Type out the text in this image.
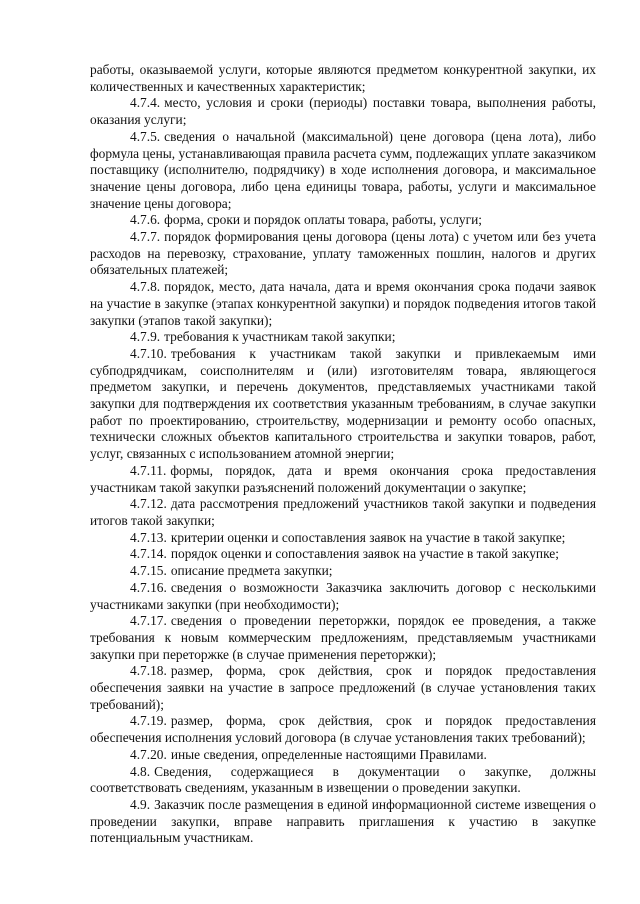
работы, оказываемой услуги, которые являются предметом конкурентной закупки, их количественных и качественных характеристик;

4.7.4. место, условия и сроки (периоды) поставки товара, выполнения работы, оказания услуги;

4.7.5. сведения о начальной (максимальной) цене договора (цена лота), либо формула цены, устанавливающая правила расчета сумм, подлежащих уплате заказчиком поставщику (исполнителю, подрядчику) в ходе исполнения договора, и максимальное значение цены договора, либо цена единицы товара, работы, услуги и максимальное значение цены договора;

4.7.6. форма, сроки и порядок оплаты товара, работы, услуги;

4.7.7. порядок формирования цены договора (цены лота) с учетом или без учета расходов на перевозку, страхование, уплату таможенных пошлин, налогов и других обязательных платежей;

4.7.8. порядок, место, дата начала, дата и время окончания срока подачи заявок на участие в закупке (этапах конкурентной закупки) и порядок подведения итогов такой закупки (этапов такой закупки);

4.7.9. требования к участникам такой закупки;

4.7.10. требования к участникам такой закупки и привлекаемым ими субподрядчикам, соисполнителям и (или) изготовителям товара, являющегося предметом закупки, и перечень документов, представляемых участниками такой закупки для подтверждения их соответствия указанным требованиям, в случае закупки работ по проектированию, строительству, модернизации и ремонту особо опасных, технически сложных объектов капитального строительства и закупки товаров, работ, услуг, связанных с использованием атомной энергии;

4.7.11. формы, порядок, дата и время окончания срока предоставления участникам такой закупки разъяснений положений документации о закупке;

4.7.12. дата рассмотрения предложений участников такой закупки и подведения итогов такой закупки;

4.7.13. критерии оценки и сопоставления заявок на участие в такой закупке;

4.7.14. порядок оценки и сопоставления заявок на участие в такой закупке;

4.7.15. описание предмета закупки;

4.7.16. сведения о возможности Заказчика заключить договор с несколькими участниками закупки (при необходимости);

4.7.17. сведения о проведении переторжки, порядок ее проведения, а также требования к новым коммерческим предложениям, представляемым участниками закупки при переторжке (в случае применения переторжки);

4.7.18. размер, форма, срок действия, срок и порядок предоставления обеспечения заявки на участие в запросе предложений (в случае установления таких требований);

4.7.19. размер, форма, срок действия, срок и порядок предоставления обеспечения исполнения условий договора (в случае установления таких требований);

4.7.20. иные сведения, определенные настоящими Правилами.

4.8. Сведения, содержащиеся в документации о закупке, должны соответствовать сведениям, указанным в извещении о проведении закупки.

4.9. Заказчик после размещения в единой информационной системе извещения о проведении закупки, вправе направить приглашения к участию в закупке потенциальным участникам.
